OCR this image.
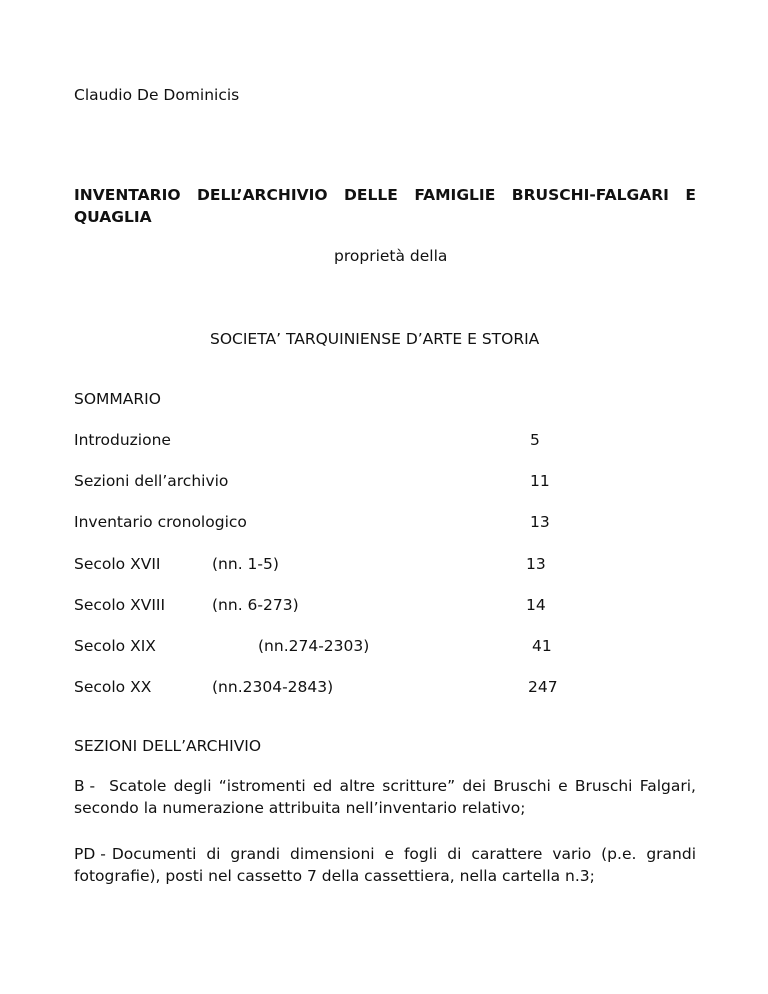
Claudio De Dominicis
INVENTARIO DELL’ARCHIVIO DELLE FAMIGLIE BRUSCHI-FALGARI E
QUAGLIA
proprietà della
SOCIETA’ TARQUINIENSE D’ARTE E STORIA
SOMMARIO
Introduzione	5
Sezioni dell’archivio	11
Inventario cronologico	13
Secolo XVII	(nn. 1-5)	13
Secolo XVIII	(nn. 6-273)	14
Secolo XIX	(nn.274-2303)	41
Secolo XX	(nn.2304-2843)	247
SEZIONI DELL’ARCHIVIO
B - Scatole degli “istromenti ed altre scritture” dei Bruschi e Bruschi Falgari, secondo la numerazione attribuita nell’inventario relativo;
PD - Documenti di grandi dimensioni e fogli di carattere vario (p.e. grandi fotografie), posti nel cassetto 7 della cassettiera, nella cartella n.3;
